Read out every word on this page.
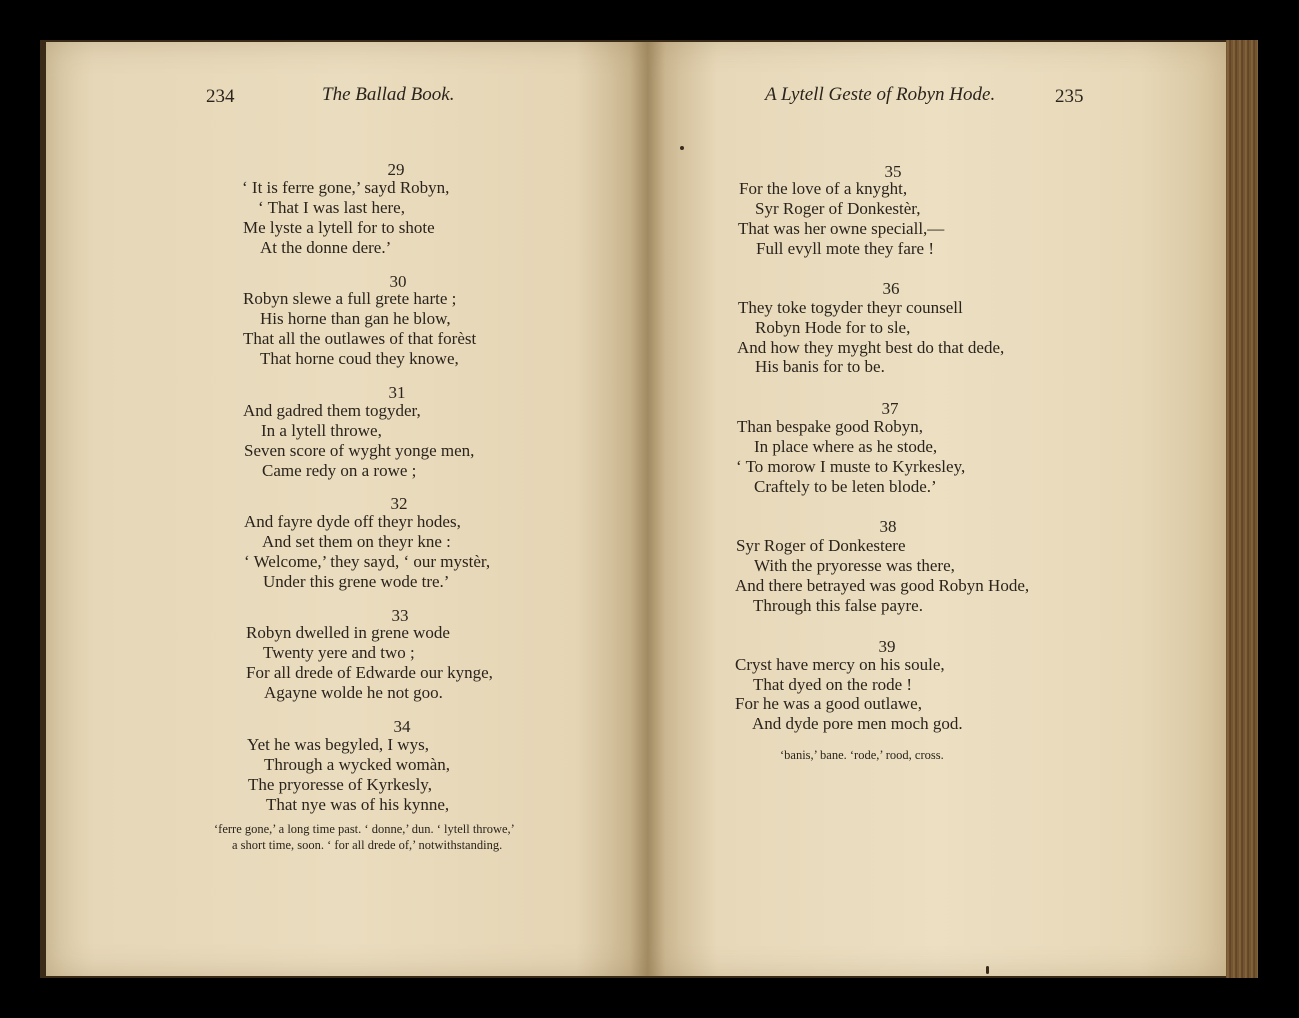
234	The Ballad Book.	A Lytell Geste of Robyn Hode.	235
29
‘ It is ferre gone,’ sayd Robyn,
‘ That I was last here,
Me lyste a lytell for to shote
At the donne dere.’
30
Robyn slewe a full grete harte ;
His horne than gan he blow,
That all the outlawes of that forèst
That horne coud they knowe,
31
And gadred them togyder,
In a lytell throwe,
Seven score of wyght yonge men,
Came redy on a rowe ;
32
And fayre dyde off theyr hodes,
And set them on theyr kne :
‘ Welcome,’ they sayd, ‘ our mystèr,
Under this grene wode tre.’
33
Robyn dwelled in grene wode
Twenty yere and two ;
For all drede of Edwarde our kynge,
Agayne wolde he not goo.
34
Yet he was begyled, I wys,
Through a wycked womàn,
The pryoresse of Kyrkesly,
That nye was of his kynne,
‘ferre gone,’ a long time past. ‘ donne,’ dun. ‘ lytell throwe,’
a short time, soon. ‘ for all drede of,’ notwithstanding.
35
For the love of a knyght,
Syr Roger of Donkestèr,
That was her owne speciall,—
Full evyll mote they fare !
36
They toke togyder theyr counsell
Robyn Hode for to sle,
And how they myght best do that dede,
His banis for to be.
37
Than bespake good Robyn,
In place where as he stode,
‘ To morow I muste to Kyrkesley,
Craftely to be leten blode.’
38
Syr Roger of Donkestere
With the pryoresse was there,
And there betrayed was good Robyn Hode,
Through this false payre.
39
Cryst have mercy on his soule,
That dyed on the rode !
For he was a good outlawe,
And dyde pore men moch god.
‘banis,’ bane. ‘rode,’ rood, cross.
